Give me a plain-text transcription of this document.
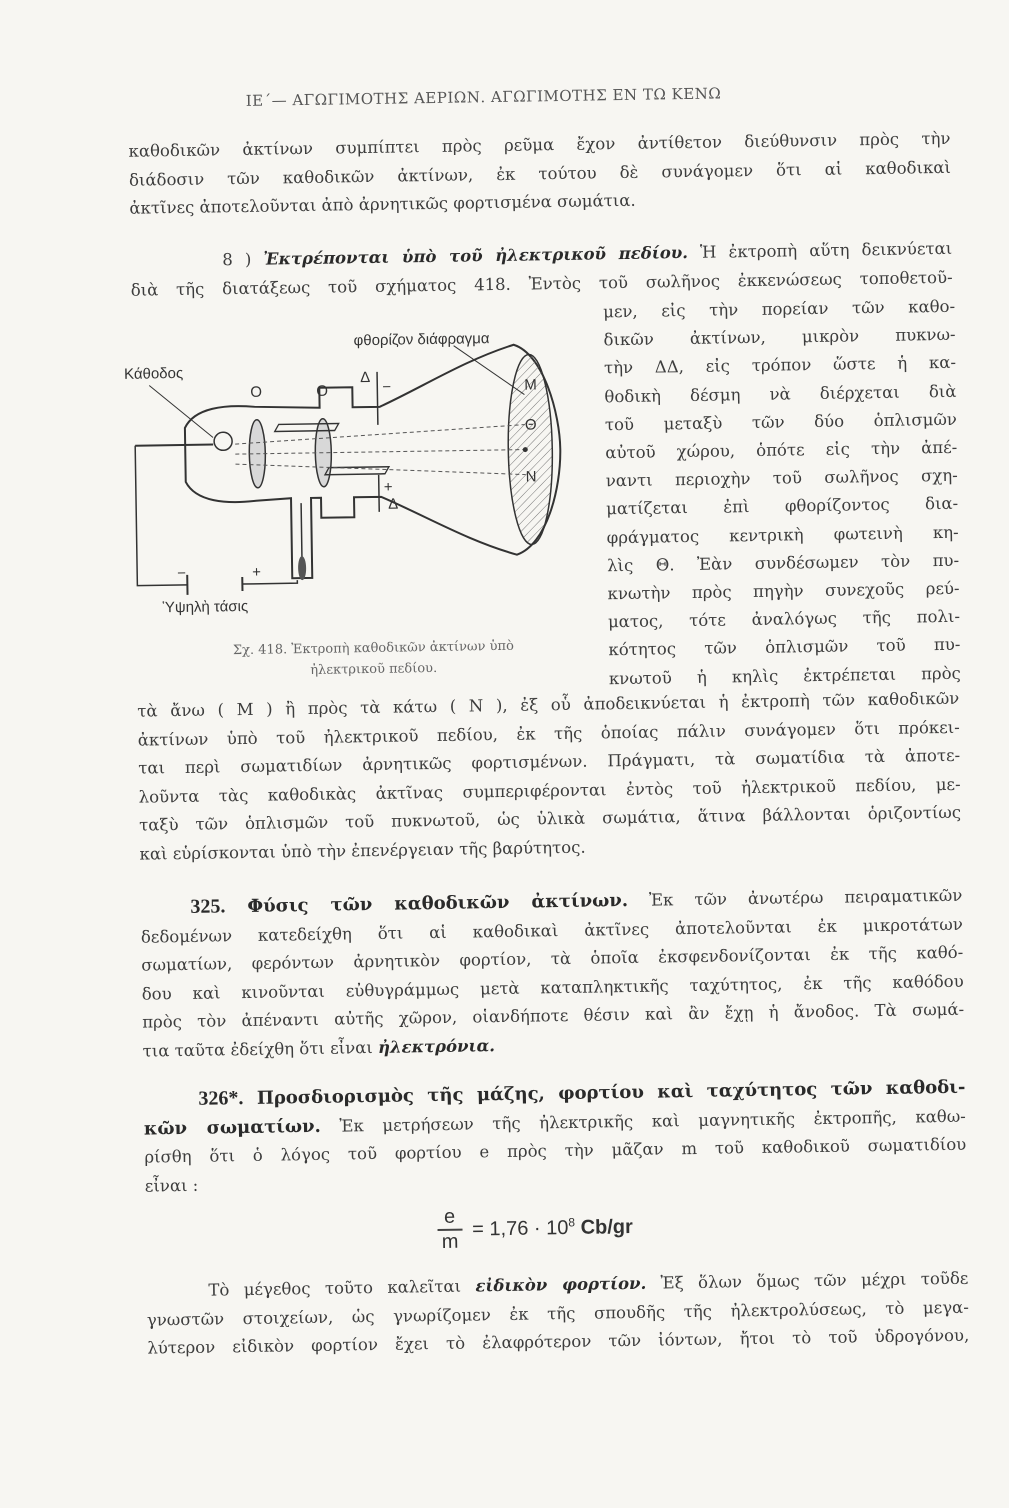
ΙΕ΄— ΑΓΩΓΙΜΟΤΗΣ ΑΕΡΙΩΝ. ΑΓΩΓΙΜΟΤΗΣ ΕΝ ΤΩ ΚΕΝΩ
καθοδικῶν ἀκτίνων συμπίπτει πρὸς ρεῦμα ἔχον ἀντίθετον διεύθυνσιν πρὸς τὴν
διάδοσιν τῶν καθοδικῶν ἀκτίνων, ἐκ τούτου δὲ συνάγομεν ὅτι αἱ καθοδικαὶ
ἀκτῖνες ἀποτελοῦνται ἀπὸ ἀρνητικῶς φορτισμένα σωμάτια.
8 ) Ἐκτρέπονται ὑπὸ τοῦ ἠλεκτρικοῦ πεδίου. Ἡ ἐκτροπὴ αὕτη δεικνύεται
διὰ τῆς διατάξεως τοῦ σχήματος 418. Ἐντὸς τοῦ σωλῆνος ἐκκενώσεως τοποθετοῦ-
μεν, εἰς τὴν πορείαν τῶν καθο-
δικῶν ἀκτίνων, μικρὸν πυκνω-
τὴν ΔΔ, εἰς τρόπον ὥστε ἡ κα-
θοδικὴ δέσμη νὰ διέρχεται διὰ
τοῦ μεταξὺ τῶν δύο ὁπλισμῶν
αὐτοῦ χώρου, ὁπότε εἰς τὴν ἀπέ-
ναντι περιοχὴν τοῦ σωλῆνος σχη-
ματίζεται ἐπὶ φθορίζοντος δια-
φράγματος κεντρικὴ φωτεινὴ κη-
λὶς Θ. Ἐὰν συνδέσωμεν τὸν πυ-
κνωτὴν πρὸς πηγὴν συνεχοῦς ρεύ-
ματος, τότε ἀναλόγως τῆς πολι-
κότητος τῶν ὁπλισμῶν τοῦ πυ-
κνωτοῦ ἡ κηλὶς ἐκτρέπεται πρὸς
Κάθοδος
φθορίζον διάφραγμα
Ο	Ο
Δ
−
+
Δ
Μ
Θ
Ν
−	+
Ὑψηλὴ τάσις
Σχ. 418. Ἐκτροπὴ καθοδικῶν ἀκτίνων ὑπὸ
ἠλεκτρικοῦ πεδίου.
τὰ ἄνω ( Μ ) ἢ πρὸς τὰ κάτω ( Ν ), ἐξ οὗ ἀποδεικνύεται ἡ ἐκτροπὴ τῶν καθοδικῶν
ἀκτίνων ὑπὸ τοῦ ἠλεκτρικοῦ πεδίου, ἐκ τῆς ὁποίας πάλιν συνάγομεν ὅτι πρόκει-
ται περὶ σωματιδίων ἀρνητικῶς φορτισμένων. Πράγματι, τὰ σωματίδια τὰ ἀποτε-
λοῦντα τὰς καθοδικὰς ἀκτῖνας συμπεριφέρονται ἐντὸς τοῦ ἠλεκτρικοῦ πεδίου, με-
ταξὺ τῶν ὁπλισμῶν τοῦ πυκνωτοῦ, ὡς ὑλικὰ σωμάτια, ἅτινα βάλλονται ὁριζοντίως
καὶ εὑρίσκονται ὑπὸ τὴν ἐπενέργειαν τῆς βαρύτητος.
325. Φύσις τῶν καθοδικῶν ἀκτίνων. Ἐκ τῶν ἀνωτέρω πειραματικῶν
δεδομένων κατεδείχθη ὅτι αἱ καθοδικαὶ ἀκτῖνες ἀποτελοῦνται ἐκ μικροτάτων
σωματίων, φερόντων ἀρνητικὸν φορτίον, τὰ ὁποῖα ἐκσφενδονίζονται ἐκ τῆς καθό-
δου καὶ κινοῦνται εὐθυγράμμως μετὰ καταπληκτικῆς ταχύτητος, ἐκ τῆς καθόδου
πρὸς τὸν ἀπέναντι αὐτῆς χῶρον, οἱανδήποτε θέσιν καὶ ἂν ἔχῃ ἡ ἄνοδος. Τὰ σωμά-
τια ταῦτα ἐδείχθη ὅτι εἶναι ἠλεκτρόνια.
326*. Προσδιορισμὸς τῆς μάζης, φορτίου καὶ ταχύτητος τῶν καθοδι-
κῶν σωματίων. Ἐκ μετρήσεων τῆς ἠλεκτρικῆς καὶ μαγνητικῆς ἐκτροπῆς, καθω-
ρίσθη ὅτι ὁ λόγος τοῦ φορτίου e πρὸς τὴν μᾶζαν m τοῦ καθοδικοῦ σωματιδίου
εἶναι :
$\frac{e}{m} = 1,76 \cdot 10^8$ Cb/gr
Τὸ μέγεθος τοῦτο καλεῖται εἰδικὸν φορτίον. Ἐξ ὅλων ὅμως τῶν μέχρι τοῦδε
γνωστῶν στοιχείων, ὡς γνωρίζομεν ἐκ τῆς σπουδῆς τῆς ἠλεκτρολύσεως, τὸ μεγα-
λύτερον εἰδικὸν φορτίον ἔχει τὸ ἐλαφρότερον τῶν ἰόντων, ἤτοι τὸ τοῦ ὑδρογόνου,
